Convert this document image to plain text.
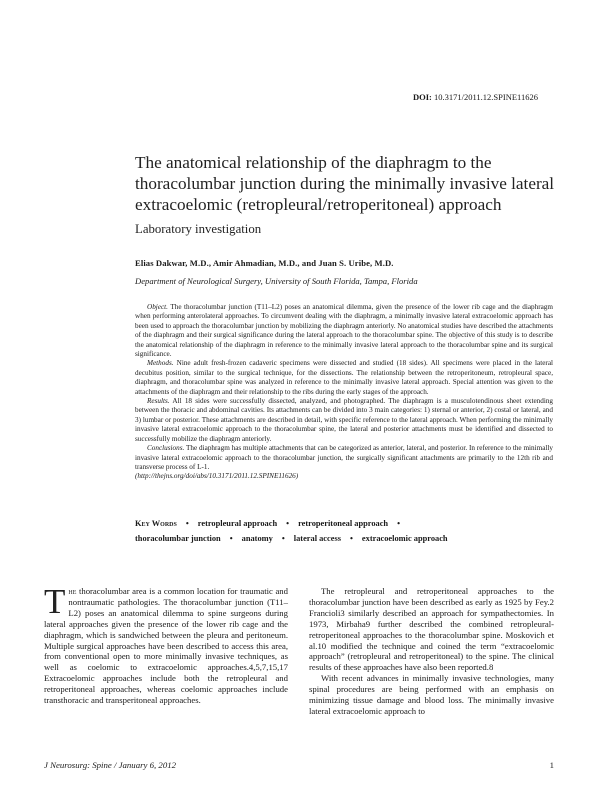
DOI: 10.3171/2011.12.SPINE11626
The anatomical relationship of the diaphragm to the thoracolumbar junction during the minimally invasive lateral extracoelomic (retropleural/retroperitoneal) approach
Laboratory investigation
Elias Dakwar, M.D., Amir Ahmadian, M.D., and Juan S. Uribe, M.D.
Department of Neurological Surgery, University of South Florida, Tampa, Florida

Object. The thoracolumbar junction (T11–L2) poses an anatomical dilemma, given the presence of the lower rib cage and the diaphragm when performing anterolateral approaches. To circumvent dealing with the diaphragm, a minimally invasive lateral extracoelomic approach has been used to approach the thoracolumbar junction by mobilizing the diaphragm anteriorly. No anatomical studies have described the attachments of the diaphragm and their surgical significance during the lateral approach to the thoracolumbar spine. The objective of this study is to describe the anatomical relationship of the diaphragm in reference to the minimally invasive lateral approach to the thoracolumbar spine and its surgical significance.

Methods. Nine adult fresh-frozen cadaveric specimens were dissected and studied (18 sides). All specimens were placed in the lateral decubitus position, similar to the surgical technique, for the dissections. The relationship between the retroperitoneum, retropleural space, diaphragm, and thoracolumbar spine was analyzed in reference to the minimally invasive lateral approach. Special attention was given to the attachments of the diaphragm and their relationship to the ribs during the early stages of the approach.

Results. All 18 sides were successfully dissected, analyzed, and photographed. The diaphragm is a musculotendinous sheet extending between the thoracic and abdominal cavities. Its attachments can be divided into 3 main categories: 1) sternal or anterior, 2) costal or lateral, and 3) lumbar or posterior. These attachments are described in detail, with specific reference to the lateral approach. When performing the minimally invasive lateral extracoelomic approach to the thoracolumbar spine, the lateral and posterior attachments must be identified and dissected to successfully mobilize the diaphragm anteriorly.

Conclusions. The diaphragm has multiple attachments that can be categorized as anterior, lateral, and posterior. In reference to the minimally invasive lateral extracoelomic approach to the thoracolumbar junction, the surgically significant attachments are primarily to the 12th rib and transverse process of L-1.

(http://thejns.org/doi/abs/10.3171/2011.12.SPINE11626)

Key Words • retropleural approach • retroperitoneal approach •
thoracolumbar junction • anatomy • lateral access • extracoelomic approach

The thoracolumbar area is a common location for traumatic and nontraumatic pathologies. The thoracolumbar junction (T11–L2) poses an anatomical dilemma to spine surgeons during lateral approaches given the presence of the lower rib cage and the diaphragm, which is sandwiched between the pleura and peritoneum. Multiple surgical approaches have been described to access this area, from conventional open to more minimally invasive techniques, as well as coelomic to extracoelomic approaches.4,5,7,15,17 Extracoelomic approaches include both the retropleural and retroperitoneal approaches, whereas coelomic approaches include transthoracic and transperitoneal approaches.

The retropleural and retroperitoneal approaches to the thoracolumbar junction have been described as early as 1925 by Fey.2 Francioli3 similarly described an approach for sympathectomies. In 1973, Mirbaha9 further described the combined retropleural-retroperitoneal approaches to the thoracolumbar spine. Moskovich et al.10 modified the technique and coined the term “extracoelomic approach” (retropleural and retroperitoneal) to the spine. The clinical results of these approaches have also been reported.8

With recent advances in minimally invasive technologies, many spinal procedures are being performed with an emphasis on minimizing tissue damage and blood loss. The minimally invasive lateral extracoelomic approach to

J Neurosurg: Spine / January 6, 2012	1
